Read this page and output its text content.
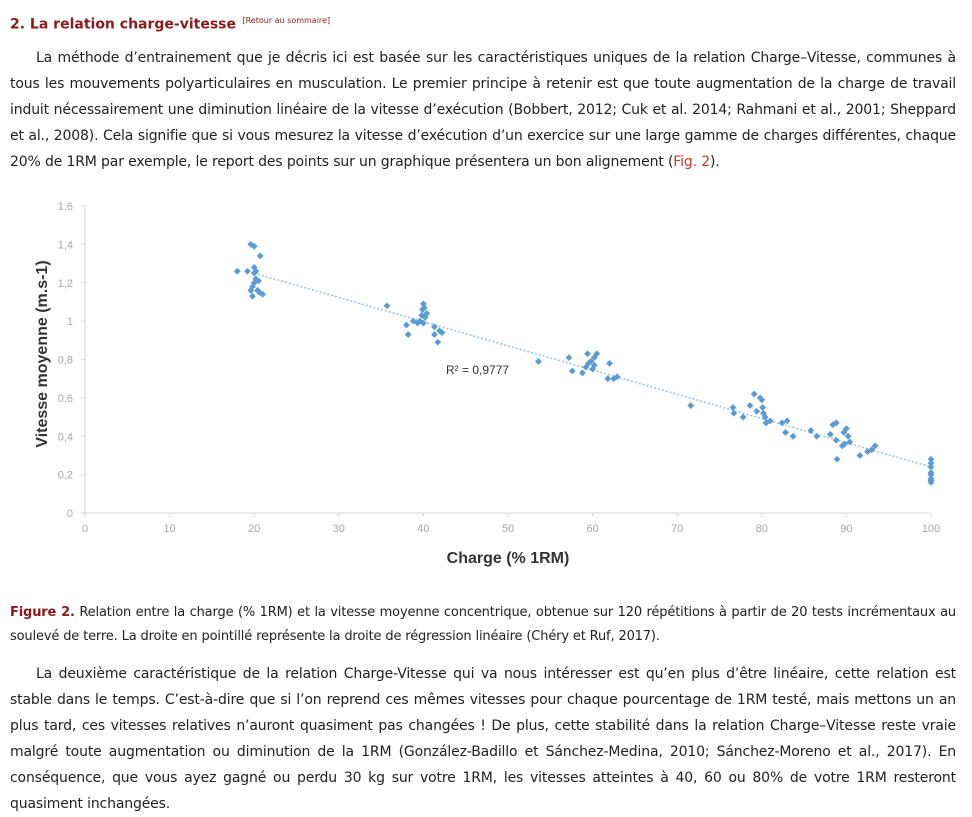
2. La relation charge-vitesse [Retour au sommaire]

La méthode d’entrainement que je décris ici est basée sur les caractéristiques uniques de la relation Charge–Vitesse, communes à tous les mouvements polyarticulaires en musculation. Le premier principe à retenir est que toute augmentation de la charge de travail induit nécessairement une diminution linéaire de la vitesse d’exécution (Bobbert, 2012; Cuk et al. 2014; Rahmani et al., 2001; Sheppard et al., 2008). Cela signifie que si vous mesurez la vitesse d’exécution d’un exercice sur une large gamme de charges différentes, chaque 20% de 1RM par exemple, le report des points sur un graphique présentera un bon alignement (Fig. 2).

0
0,2
0,4
0,6
0,8
1
1,2
1,4
1,6
0	10	20	30	40	50	60	70	80	90	100
R² = 0,9777
Charge (% 1RM)
Vitesse moyenne (m.s-1)

Figure 2. Relation entre la charge (% 1RM) et la vitesse moyenne concentrique, obtenue sur 120 répétitions à partir de 20 tests incrémentaux au soulevé de terre. La droite en pointillé représente la droite de régression linéaire (Chéry et Ruf, 2017).

La deuxième caractéristique de la relation Charge-Vitesse qui va nous intéresser est qu’en plus d’être linéaire, cette relation est stable dans le temps. C’est-à-dire que si l’on reprend ces mêmes vitesses pour chaque pourcentage de 1RM testé, mais mettons un an plus tard, ces vitesses relatives n’auront quasiment pas changées ! De plus, cette stabilité dans la relation Charge–Vitesse reste vraie malgré toute augmentation ou diminution de la 1RM (González-Badillo et Sánchez-Medina, 2010; Sánchez-Moreno et al., 2017). En conséquence, que vous ayez gagné ou perdu 30 kg sur votre 1RM, les vitesses atteintes à 40, 60 ou 80% de votre 1RM resteront quasiment inchangées.
